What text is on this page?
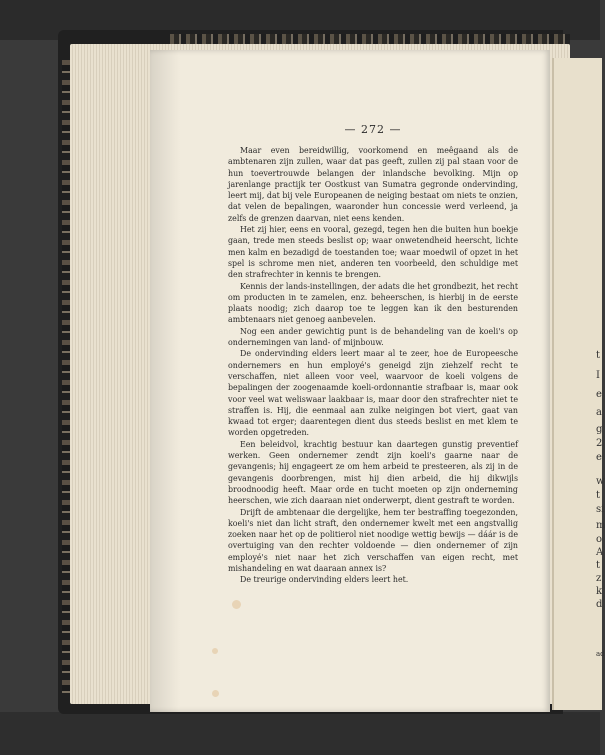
t
I
e
a
g
2
e
w
t
si
m
o
A
t
z
k
d
ad
— 272 —

Maar even bereidwillig, voorkomend en meêgaand als de ambtenaren zijn zullen, waar dat pas geeft, zullen zij pal staan voor de hun toevertrouwde belangen der inlandsche bevolking. Mijn op jarenlange practijk ter Oostkust van Sumatra gegronde ondervinding, leert mij, dat bij vele Europeanen de neiging bestaat om niets te onzien, dat velen de bepalingen, waaronder hun concessie werd verleend, ja zelfs de grenzen daarvan, niet eens kenden.

Het zij hier, eens en vooral, gezegd, tegen hen die buiten hun boekje gaan, trede men steeds beslist op; waar onwetendheid heerscht, lichte men kalm en bezadigd de toestanden toe; waar moedwil of opzet in het spel is schrome men niet, anderen ten voorbeeld, den schuldige met den strafrechter in kennis te brengen.

Kennis der lands-instellingen, der adats die het grondbezit, het recht om producten in te zamelen, enz. beheerschen, is hierbij in de eerste plaats noodig; zich daarop toe te leggen kan ik den besturenden ambtenaars niet genoeg aanbevelen.

Nog een ander gewichtig punt is de behandeling van de koeli's op ondernemingen van land- of mijnbouw.

De ondervinding elders leert maar al te zeer, hoe de Europeesche ondernemers en hun employé's geneigd zijn ziehzelf recht te verschaffen, niet alleen voor veel, waarvoor de koeli volgens de bepalingen der zoogenaamde koeli-ordonnantie strafbaar is, maar ook voor veel wat weliswaar laakbaar is, maar door den strafrechter niet te straffen is. Hij, die eenmaal aan zulke neigingen bot viert, gaat van kwaad tot erger; daarentegen dient dus steeds beslist en met klem te worden opgetreden.

Een beleidvol, krachtig bestuur kan daartegen gunstig preventief werken. Geen ondernemer zendt zijn koeli's gaarne naar de gevangenis; hij engageert ze om hem arbeid te presteeren, als zij in de gevangenis doorbrengen, mist hij dien arbeid, die hij dikwijls broodnoodig heeft. Maar orde en tucht moeten op zijn onderneming heerschen, wie zich daaraan niet onderwerpt, dient gestraft te worden.

Drijft de ambtenaar die dergelijke, hem ter bestraffing toegezonden, koeli's niet dan licht straft, den ondernemer kwelt met een angstvallig zoeken naar het op de politierol niet noodige wettig bewijs — dáár is de overtuiging van den rechter voldoende — dien ondernemer of zijn employé's niet naar het zich verschaffen van eigen recht, met mishandeling en wat daaraan annex is?

De treurige ondervinding elders leert het.
